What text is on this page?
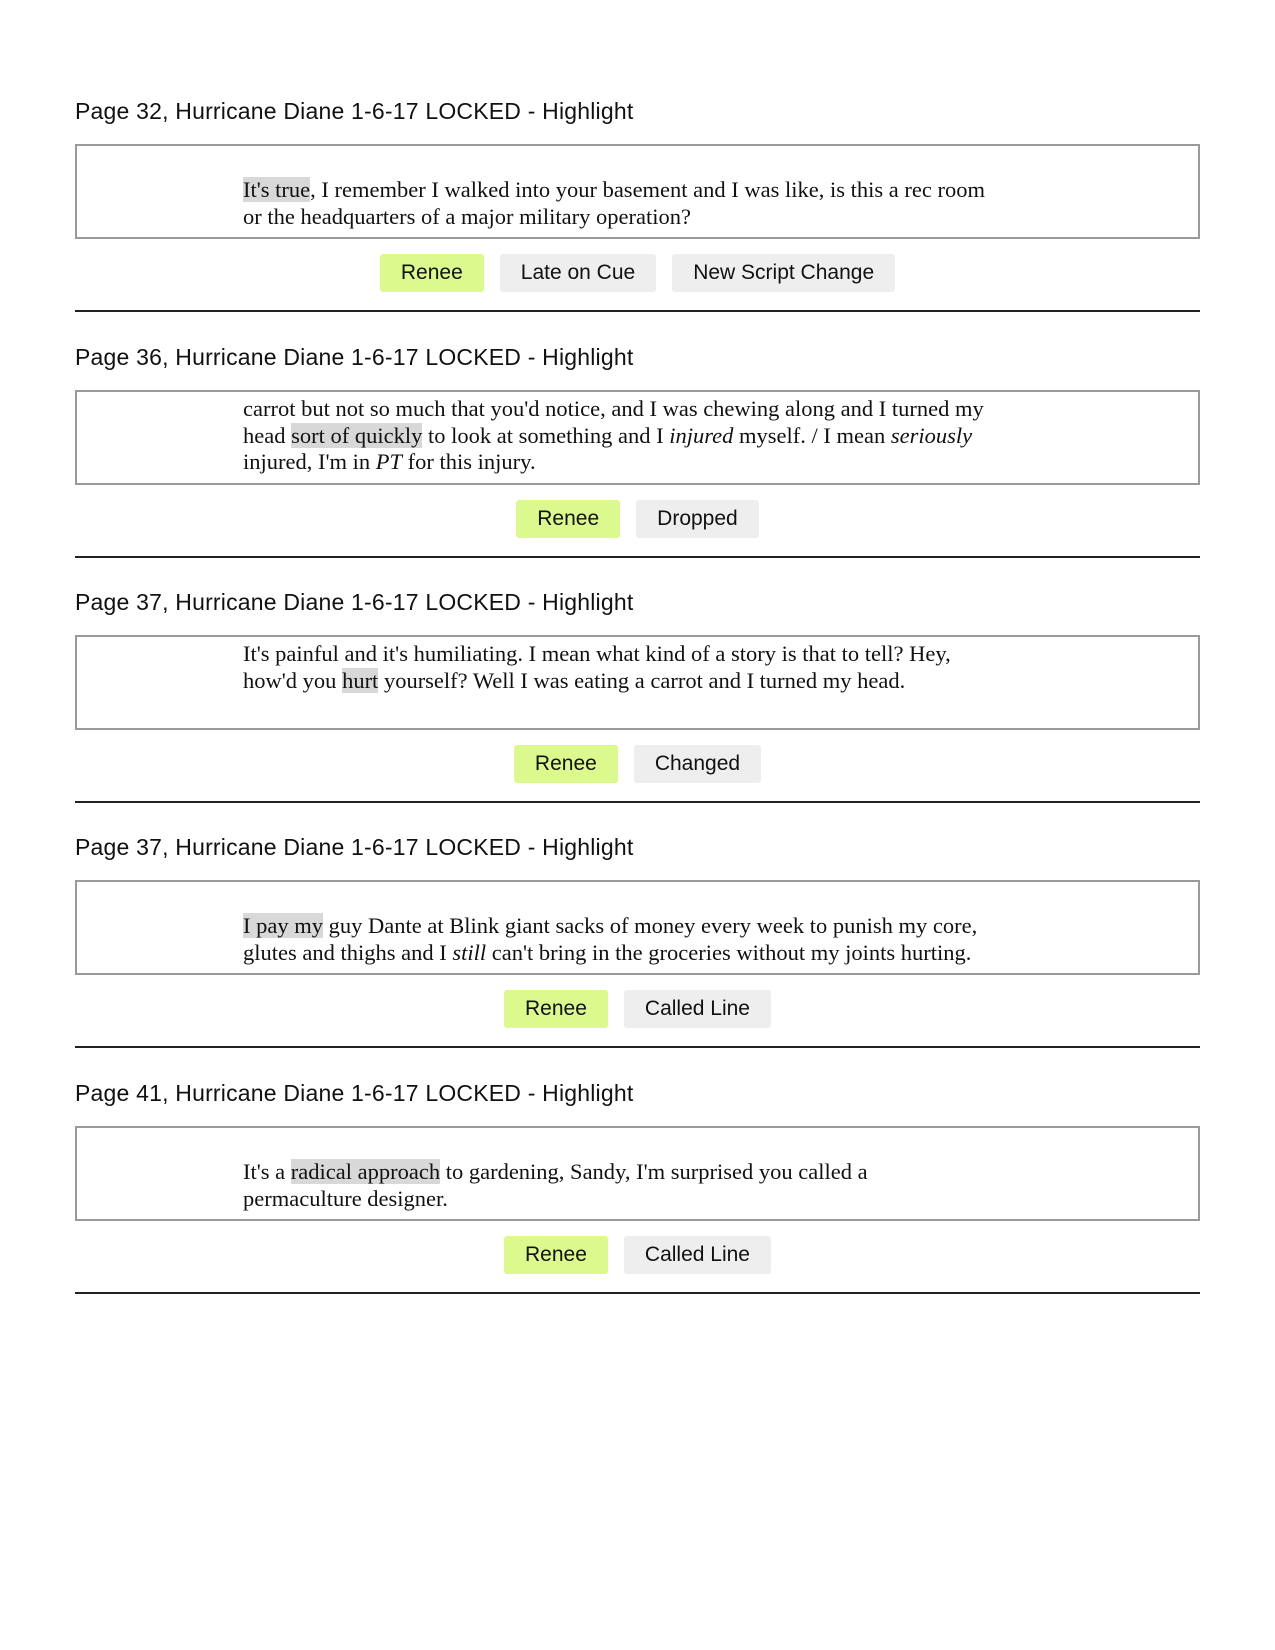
Page 32, Hurricane Diane 1-6-17 LOCKED - Highlight
It's true, I remember I walked into your basement and I was like, is this a rec room
or the headquarters of a major military operation?
Renee	Late on Cue	New Script Change
Page 36, Hurricane Diane 1-6-17 LOCKED - Highlight
carrot but not so much that you'd notice, and I was chewing along and I turned my
head sort of quickly to look at something and I injured myself. / I mean seriously
injured, I'm in PT for this injury.
Renee	Dropped
Page 37, Hurricane Diane 1-6-17 LOCKED - Highlight
It's painful and it's humiliating. I mean what kind of a story is that to tell? Hey,
how'd you hurt yourself? Well I was eating a carrot and I turned my head.
Renee	Changed
Page 37, Hurricane Diane 1-6-17 LOCKED - Highlight
I pay my guy Dante at Blink giant sacks of money every week to punish my core,
glutes and thighs and I still can't bring in the groceries without my joints hurting.
Renee	Called Line
Page 41, Hurricane Diane 1-6-17 LOCKED - Highlight
It's a radical approach to gardening, Sandy, I'm surprised you called a
permaculture designer.
Renee	Called Line
